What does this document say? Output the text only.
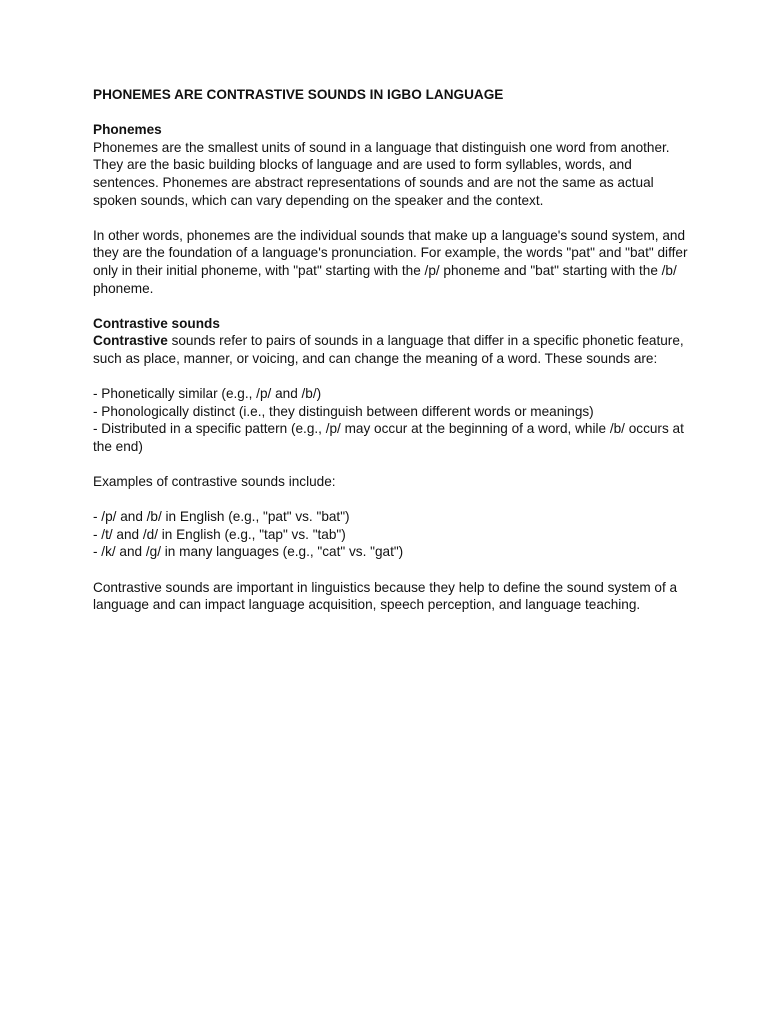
PHONEMES ARE CONTRASTIVE SOUNDS IN IGBO LANGUAGE

Phonemes

Phonemes are the smallest units of sound in a language that distinguish one word from another. They are the basic building blocks of language and are used to form syllables, words, and sentences. Phonemes are abstract representations of sounds and are not the same as actual spoken sounds, which can vary depending on the speaker and the context.

In other words, phonemes are the individual sounds that make up a language's sound system, and they are the foundation of a language's pronunciation. For example, the words "pat" and "bat" differ only in their initial phoneme, with "pat" starting with the /p/ phoneme and "bat" starting with the /b/ phoneme.

Contrastive sounds

Contrastive sounds refer to pairs of sounds in a language that differ in a specific phonetic feature, such as place, manner, or voicing, and can change the meaning of a word. These sounds are:

- Phonetically similar (e.g., /p/ and /b/)

- Phonologically distinct (i.e., they distinguish between different words or meanings)

- Distributed in a specific pattern (e.g., /p/ may occur at the beginning of a word, while /b/ occurs at the end)

Examples of contrastive sounds include:

- /p/ and /b/ in English (e.g., "pat" vs. "bat")

- /t/ and /d/ in English (e.g., "tap" vs. "tab")

- /k/ and /g/ in many languages (e.g., "cat" vs. "gat")

Contrastive sounds are important in linguistics because they help to define the sound system of a language and can impact language acquisition, speech perception, and language teaching.
